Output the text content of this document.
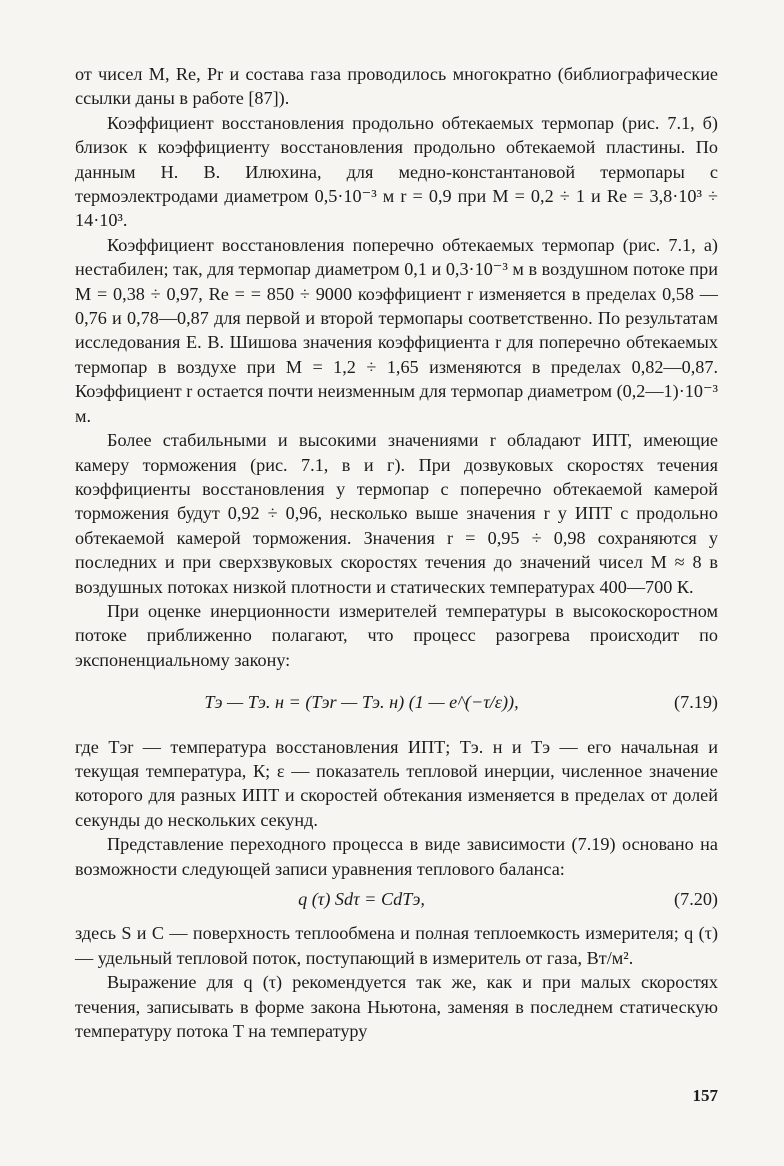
от чисел M, Re, Pr и состава газа проводилось многократно (библиографические ссылки даны в работе [87]).

Коэффициент восстановления продольно обтекаемых термопар (рис. 7.1, б) близок к коэффициенту восстановления продольно обтекаемой пластины. По данным Н. В. Илюхина, для медно-константановой термопары с термоэлектродами диаметром 0,5·10⁻³ м r = 0,9 при M = 0,2 ÷ 1 и Re = 3,8·10³ ÷ 14·10³.

Коэффициент восстановления поперечно обтекаемых термопар (рис. 7.1, а) нестабилен; так, для термопар диаметром 0,1 и 0,3·10⁻³ м в воздушном потоке при M = 0,38 ÷ 0,97, Re = = 850 ÷ 9000 коэффициент r изменяется в пределах 0,58 — 0,76 и 0,78—0,87 для первой и второй термопары соответственно. По результатам исследования Е. В. Шишова значения коэффициента r для поперечно обтекаемых термопар в воздухе при M = 1,2 ÷ 1,65 изменяются в пределах 0,82—0,87. Коэффициент r остается почти неизменным для термопар диаметром (0,2—1)·10⁻³ м.

Более стабильными и высокими значениями r обладают ИПТ, имеющие камеру торможения (рис. 7.1, в и г). При дозвуковых скоростях течения коэффициенты восстановления у термопар с поперечно обтекаемой камерой торможения будут 0,92 ÷ 0,96, несколько выше значения r у ИПТ с продольно обтекаемой камерой торможения. Значения r = 0,95 ÷ 0,98 сохраняются у последних и при сверхзвуковых скоростях течения до значений чисел M ≈ 8 в воздушных потоках низкой плотности и статических температурах 400—700 К.

При оценке инерционности измерителей температуры в высокоскоростном потоке приближенно полагают, что процесс разогрева происходит по экспоненциальному закону:

Tэ — Tэ. н = (Tэr — Tэ. н) (1 — e^(−τ/ε)),	(7.19)

где Tэr — температура восстановления ИПТ; Tэ. н и Tэ — его начальная и текущая температура, К; ε — показатель тепловой инерции, численное значение которого для разных ИПТ и скоростей обтекания изменяется в пределах от долей секунды до нескольких секунд.

Представление переходного процесса в виде зависимости (7.19) основано на возможности следующей записи уравнения теплового баланса:

q (τ) Sdτ = CdTэ,	(7.20)

здесь S и C — поверхность теплообмена и полная теплоемкость измерителя; q (τ) — удельный тепловой поток, поступающий в измеритель от газа, Вт/м².

Выражение для q (τ) рекомендуется так же, как и при малых скоростях течения, записывать в форме закона Ньютона, заменяя в последнем статическую температуру потока T на температуру

157
